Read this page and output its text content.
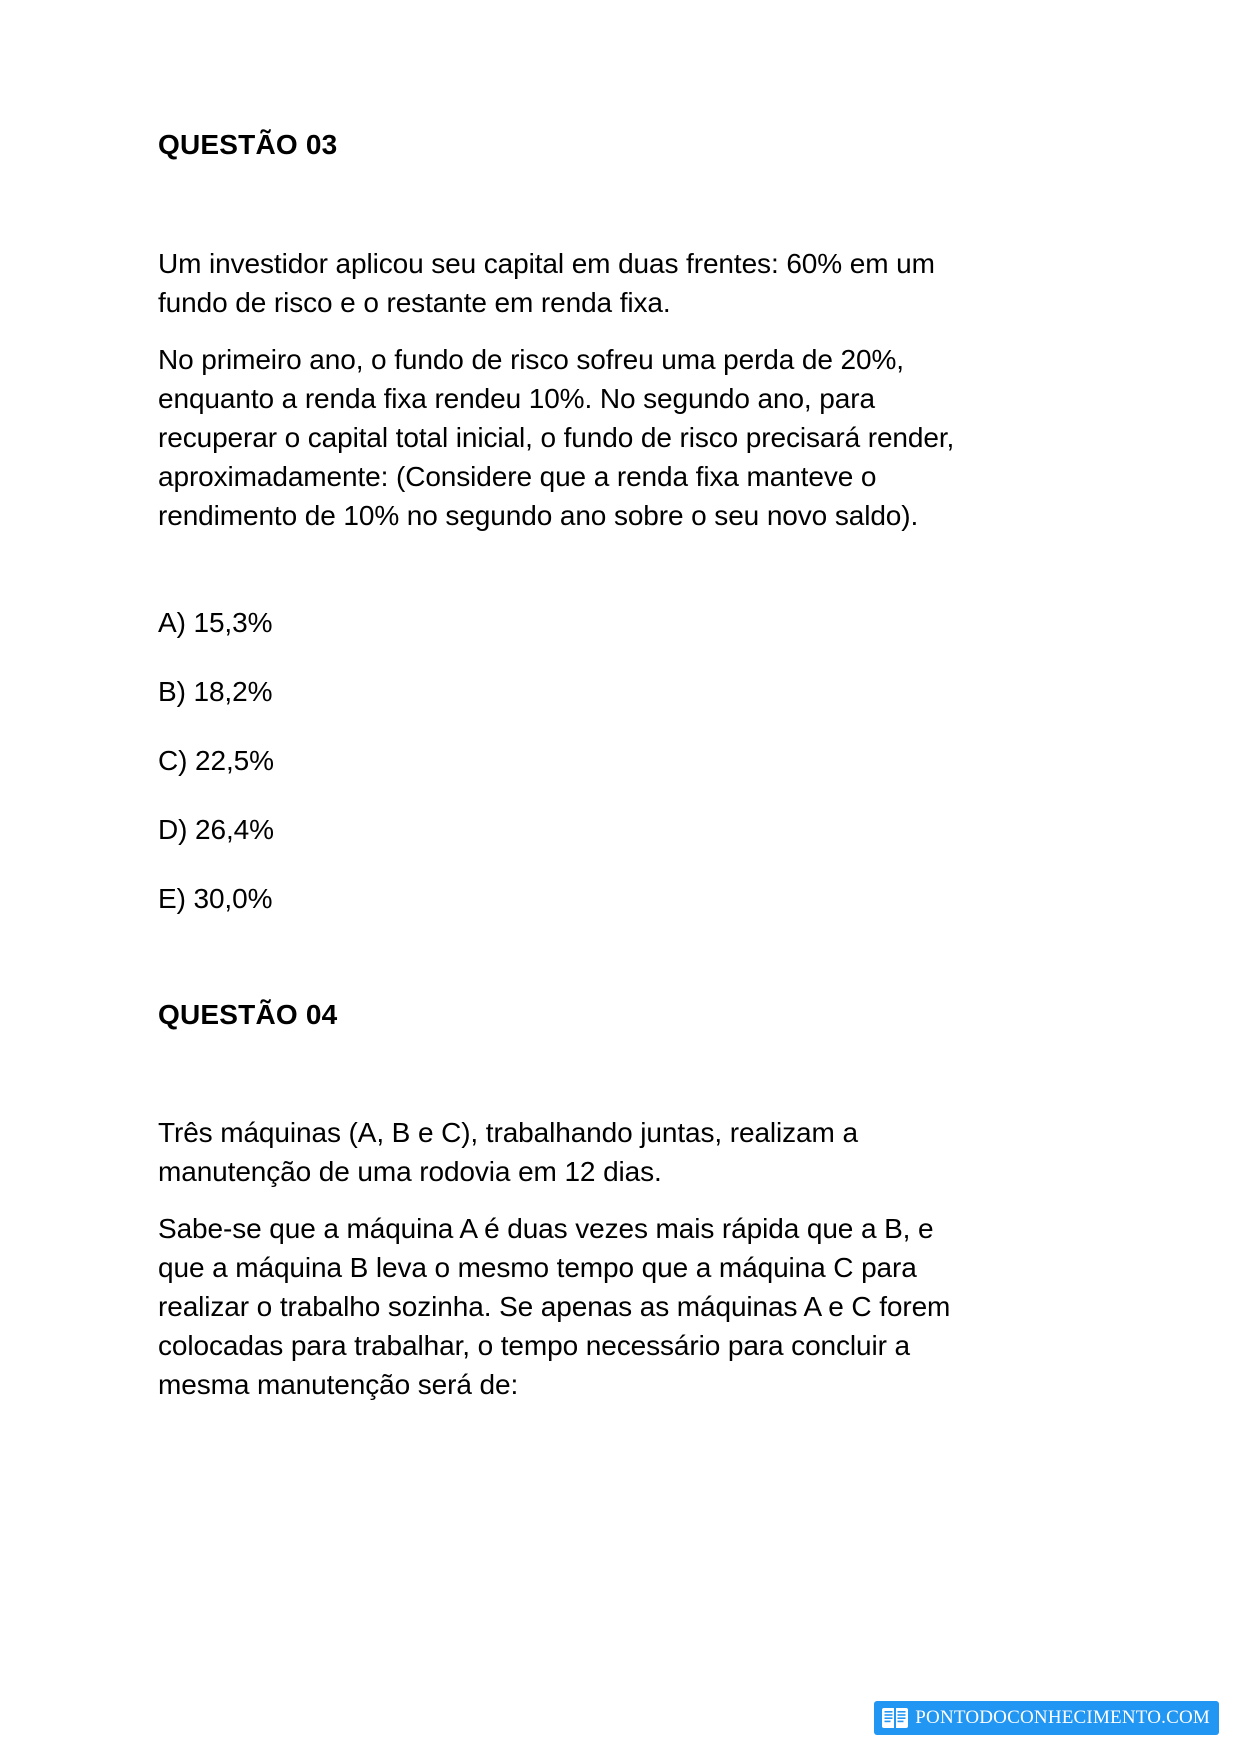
QUESTÃO 03

Um investidor aplicou seu capital em duas frentes: 60% em um fundo de risco e o restante em renda fixa.

No primeiro ano, o fundo de risco sofreu uma perda de 20%, enquanto a renda fixa rendeu 10%. No segundo ano, para recuperar o capital total inicial, o fundo de risco precisará render, aproximadamente: (Considere que a renda fixa manteve o rendimento de 10% no segundo ano sobre o seu novo saldo).

A) 15,3%
B) 18,2%
C) 22,5%
D) 26,4%
E) 30,0%
QUESTÃO 04

Três máquinas (A, B e C), trabalhando juntas, realizam a manutenção de uma rodovia em 12 dias.

Sabe-se que a máquina A é duas vezes mais rápida que a B, e que a máquina B leva o mesmo tempo que a máquina C para realizar o trabalho sozinha. Se apenas as máquinas A e C forem colocadas para trabalhar, o tempo necessário para concluir a mesma manutenção será de:

PONTODOCONHECIMENTO.COM
